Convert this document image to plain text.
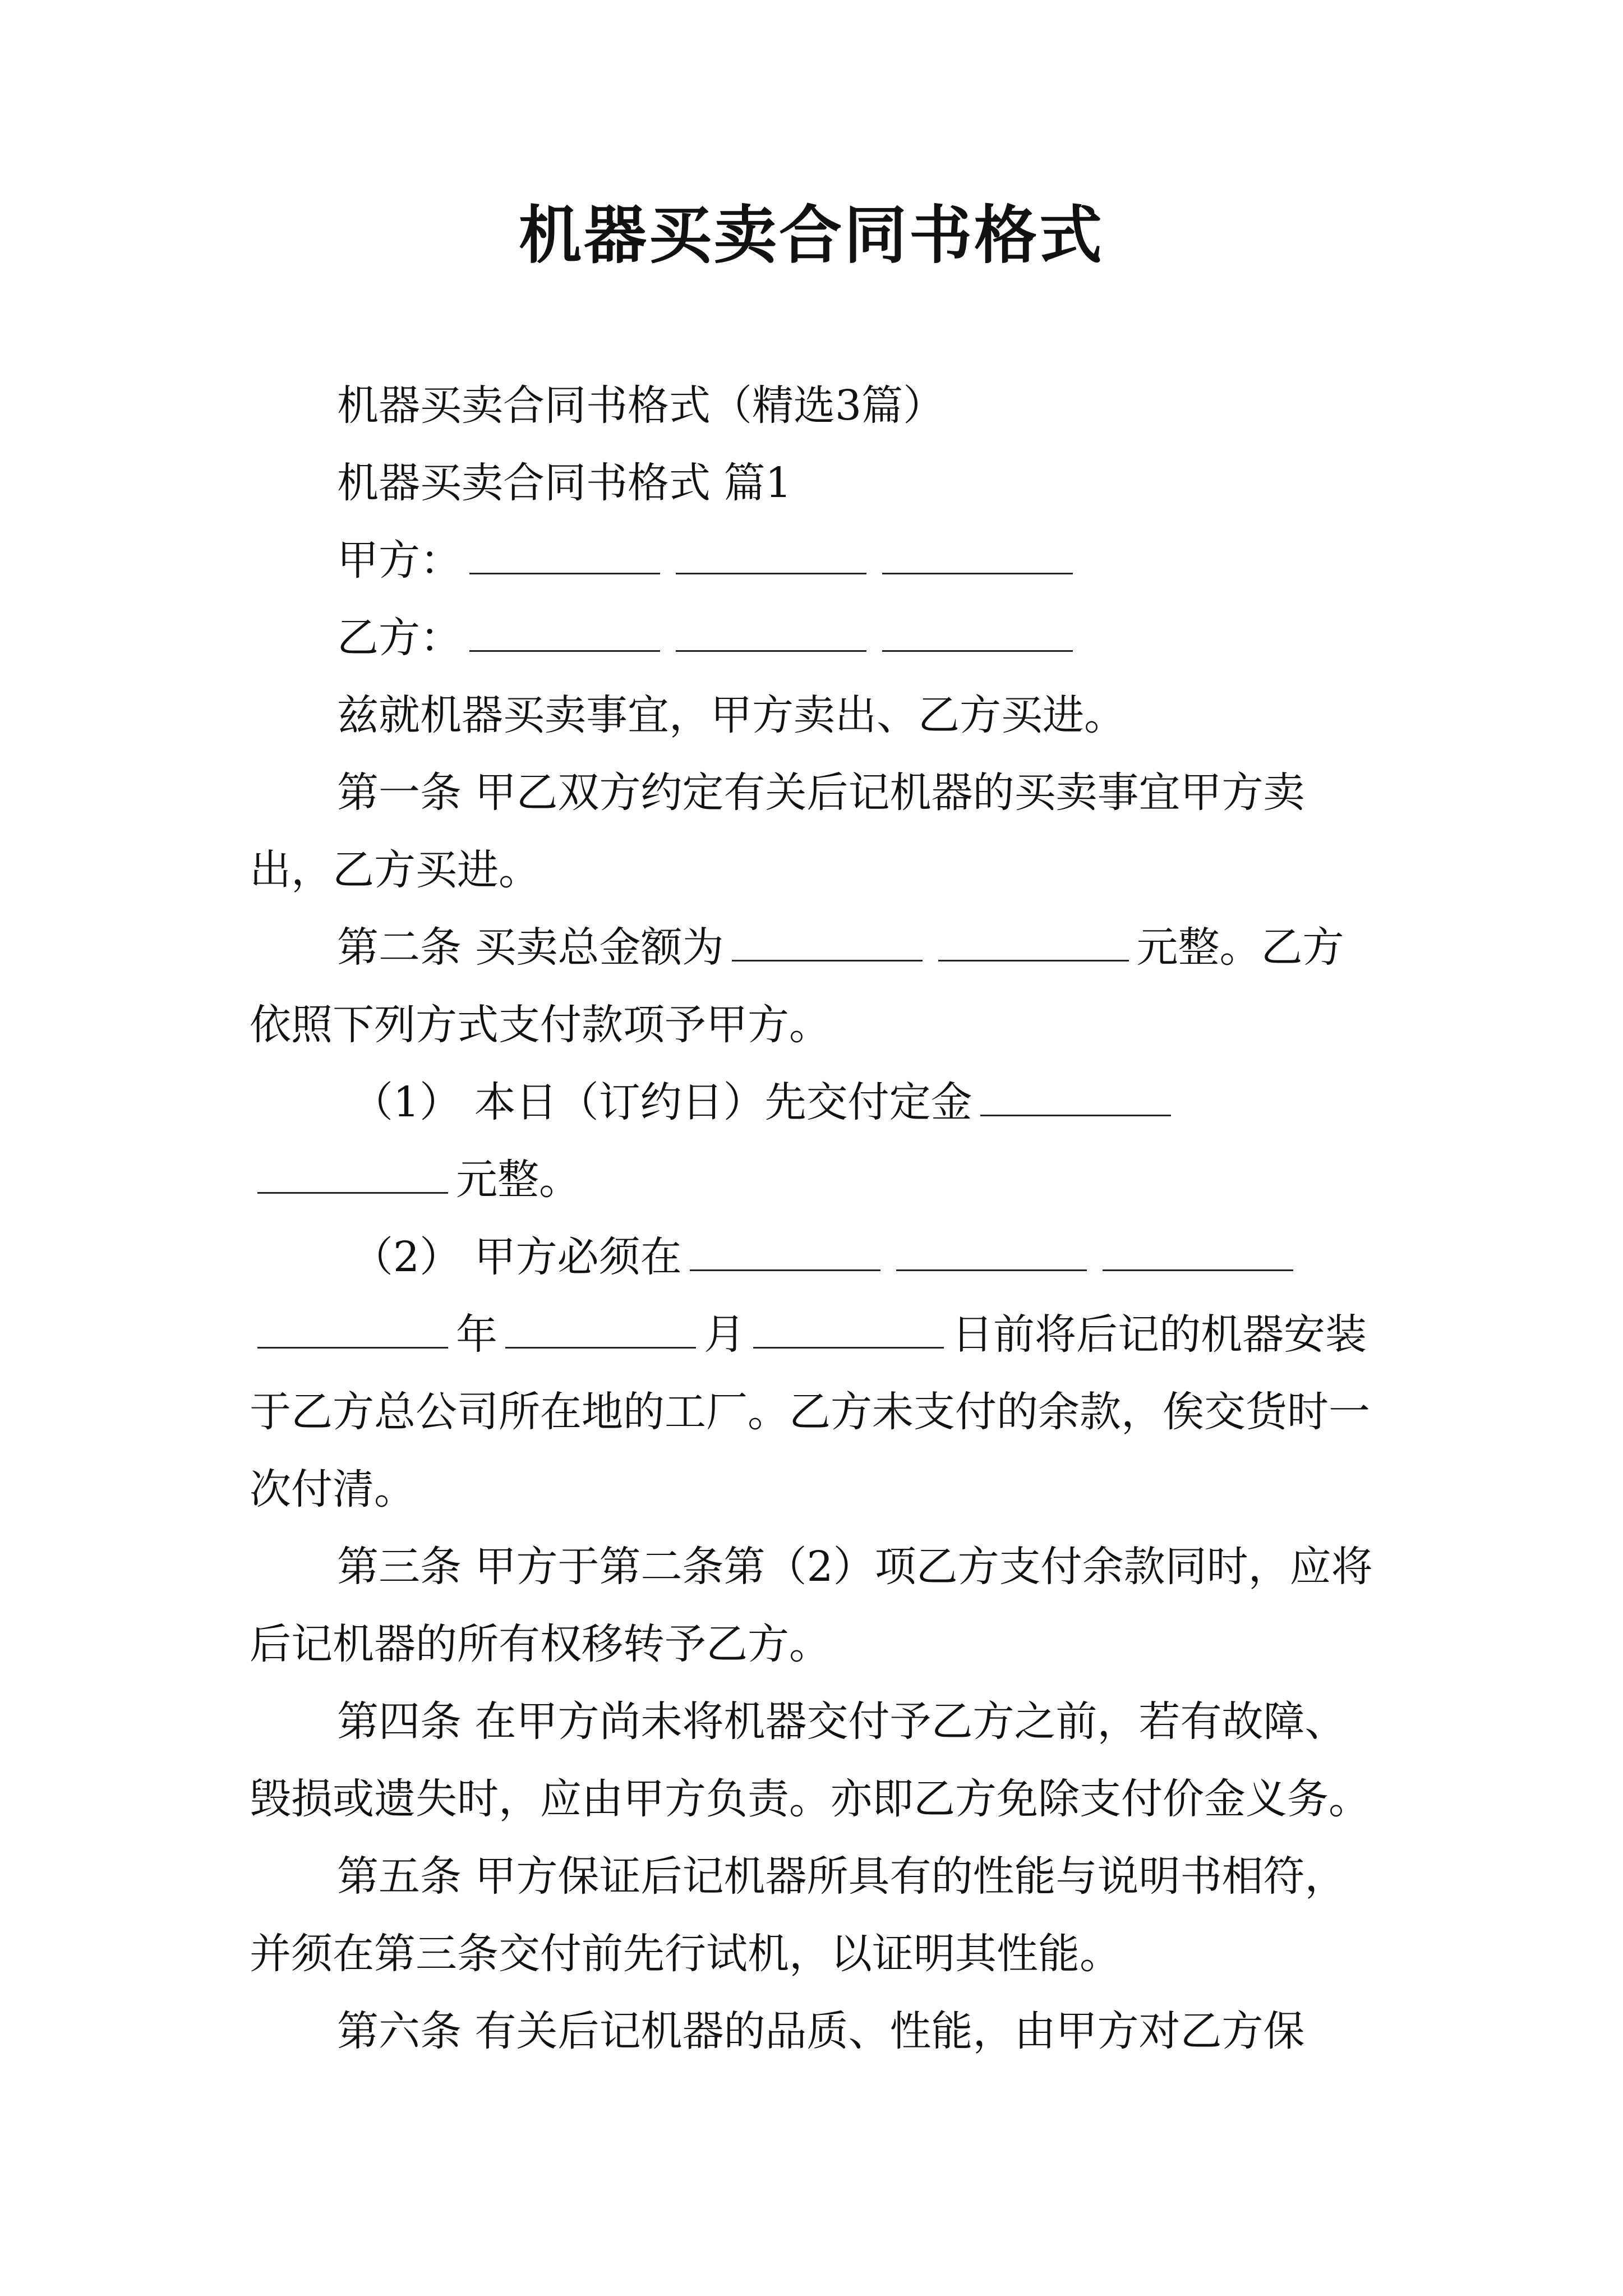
机器买卖合同书格式

机器买卖合同书格式（精选3篇）

机器买卖合同书格式 篇1

甲方：

乙方：

兹就机器买卖事宜，甲方卖出、乙方买进。

第一条 甲乙双方约定有关后记机器的买卖事宜甲方卖出，乙方买进。

第二条 买卖总金额为	元整。乙方依照下列方式支付款项予甲方。

（1） 本日（订约日）先交付定金元整。

（2） 甲方必须在年	月	日前将后记的机器安装于乙方总公司所在地的工厂。乙方未支付的余款，俟交货时一次付清。

第三条 甲方于第二条第（2）项乙方支付余款同时，应将后记机器的所有权移转予乙方。

第四条 在甲方尚未将机器交付予乙方之前，若有故障、毁损或遗失时，应由甲方负责。亦即乙方免除支付价金义务。

第五条 甲方保证后记机器所具有的性能与说明书相符，并须在第三条交付前先行试机，以证明其性能。

第六条 有关后记机器的品质、性能，由甲方对乙方保
